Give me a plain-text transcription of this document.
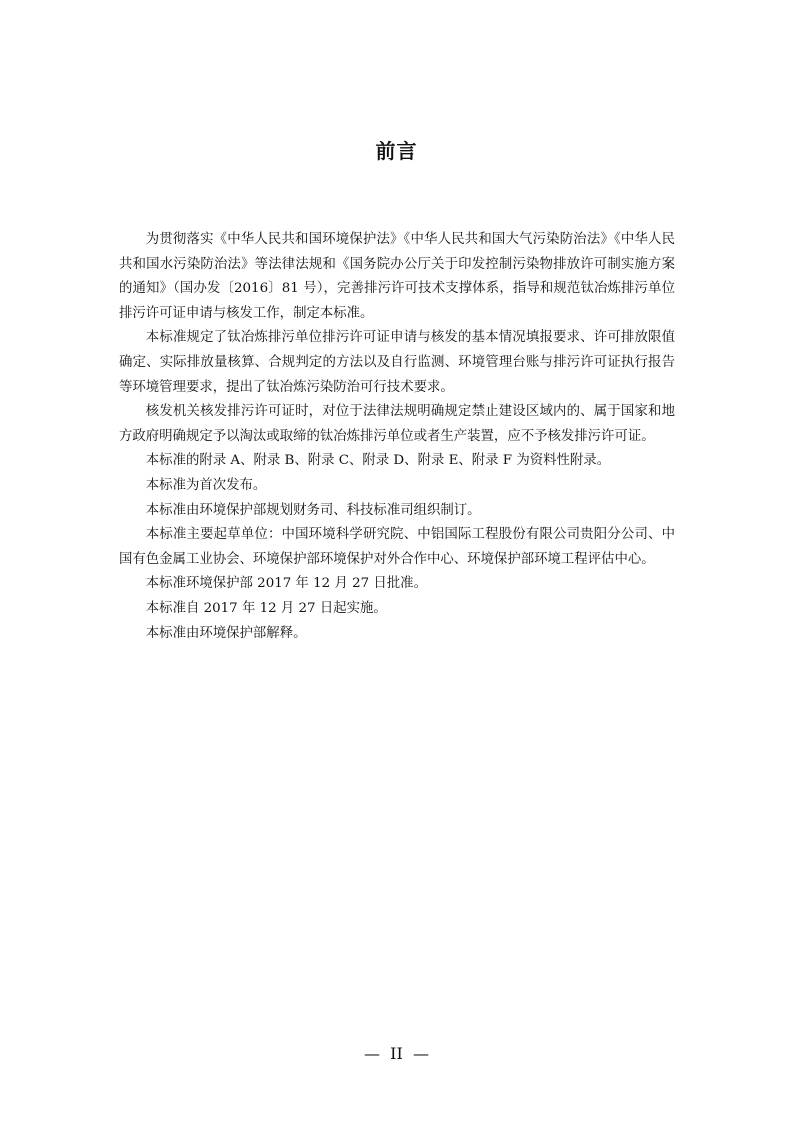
前言

为贯彻落实《中华人民共和国环境保护法》《中华人民共和国大气污染防治法》《中华人民共和国水污染防治法》等法律法规和《国务院办公厅关于印发控制污染物排放许可制实施方案的通知》（国办发〔2016〕81 号），完善排污许可技术支撑体系，指导和规范钛冶炼排污单位排污许可证申请与核发工作，制定本标准。

本标准规定了钛冶炼排污单位排污许可证申请与核发的基本情况填报要求、许可排放限值确定、实际排放量核算、合规判定的方法以及自行监测、环境管理台账与排污许可证执行报告等环境管理要求，提出了钛冶炼污染防治可行技术要求。

核发机关核发排污许可证时，对位于法律法规明确规定禁止建设区域内的、属于国家和地方政府明确规定予以淘汰或取缔的钛冶炼排污单位或者生产装置，应不予核发排污许可证。

本标准的附录 A、附录 B、附录 C、附录 D、附录 E、附录 F 为资料性附录。

本标准为首次发布。

本标准由环境保护部规划财务司、科技标准司组织制订。

本标准主要起草单位：中国环境科学研究院、中铝国际工程股份有限公司贵阳分公司、中国有色金属工业协会、环境保护部环境保护对外合作中心、环境保护部环境工程评估中心。

本标准环境保护部 2017 年 12 月 27 日批准。

本标准自 2017 年 12 月 27 日起实施。

本标准由环境保护部解释。

—  II  —
